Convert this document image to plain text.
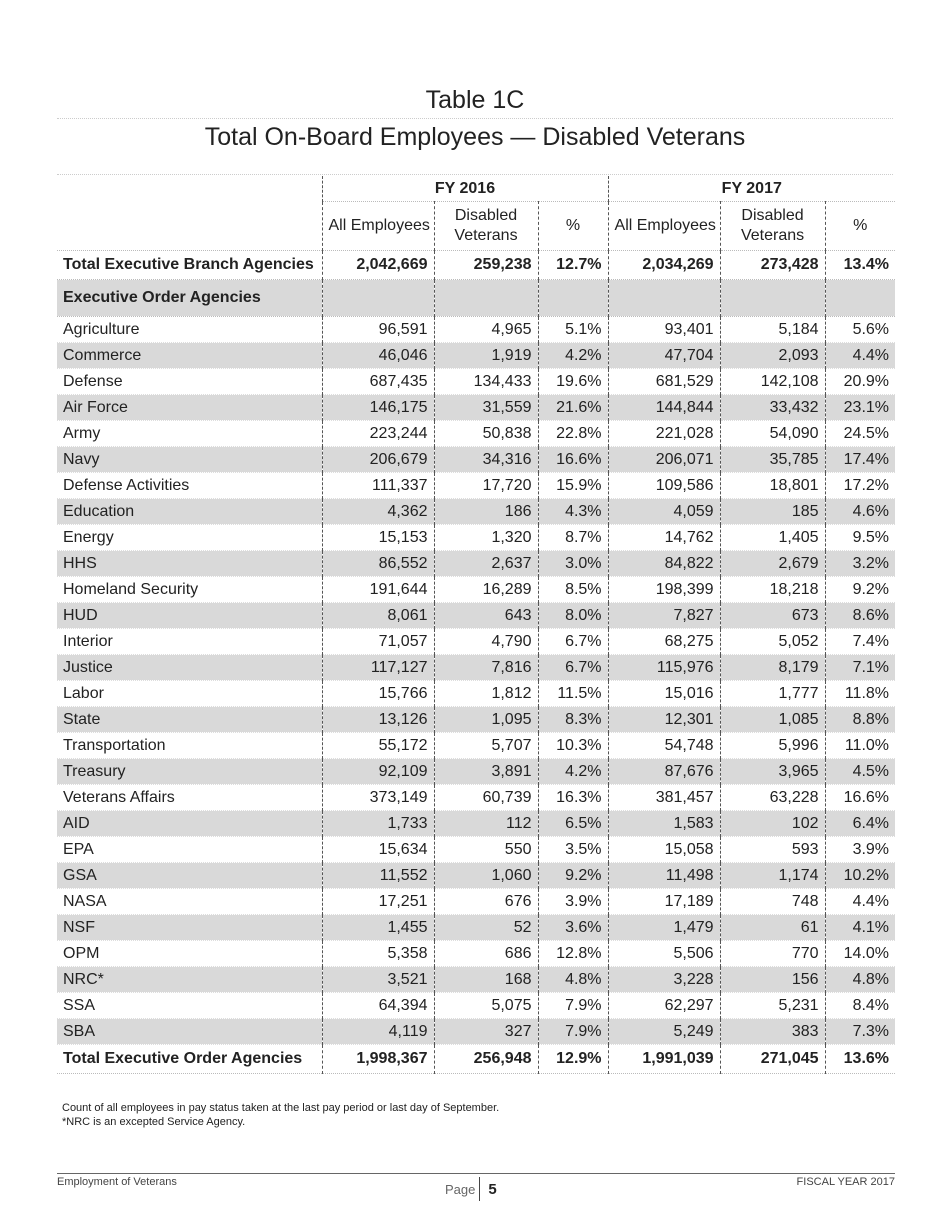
Table 1C
Total On-Board Employees — Disabled Veterans
	FY 2016			FY 2017		
	All Employees	Disabled Veterans	%	All Employees	Disabled Veterans	%
Total Executive Branch Agencies	2,042,669	259,238	12.7%	2,034,269	273,428	13.4%
Executive Order Agencies						
Agriculture	96,591	4,965	5.1%	93,401	5,184	5.6%
Commerce	46,046	1,919	4.2%	47,704	2,093	4.4%
Defense	687,435	134,433	19.6%	681,529	142,108	20.9%
Air Force	146,175	31,559	21.6%	144,844	33,432	23.1%
Army	223,244	50,838	22.8%	221,028	54,090	24.5%
Navy	206,679	34,316	16.6%	206,071	35,785	17.4%
Defense Activities	111,337	17,720	15.9%	109,586	18,801	17.2%
Education	4,362	186	4.3%	4,059	185	4.6%
Energy	15,153	1,320	8.7%	14,762	1,405	9.5%
HHS	86,552	2,637	3.0%	84,822	2,679	3.2%
Homeland Security	191,644	16,289	8.5%	198,399	18,218	9.2%
HUD	8,061	643	8.0%	7,827	673	8.6%
Interior	71,057	4,790	6.7%	68,275	5,052	7.4%
Justice	117,127	7,816	6.7%	115,976	8,179	7.1%
Labor	15,766	1,812	11.5%	15,016	1,777	11.8%
State	13,126	1,095	8.3%	12,301	1,085	8.8%
Transportation	55,172	5,707	10.3%	54,748	5,996	11.0%
Treasury	92,109	3,891	4.2%	87,676	3,965	4.5%
Veterans Affairs	373,149	60,739	16.3%	381,457	63,228	16.6%
AID	1,733	112	6.5%	1,583	102	6.4%
EPA	15,634	550	3.5%	15,058	593	3.9%
GSA	11,552	1,060	9.2%	11,498	1,174	10.2%
NASA	17,251	676	3.9%	17,189	748	4.4%
NSF	1,455	52	3.6%	1,479	61	4.1%
OPM	5,358	686	12.8%	5,506	770	14.0%
NRC*	3,521	168	4.8%	3,228	156	4.8%
SSA	64,394	5,075	7.9%	62,297	5,231	8.4%
SBA	4,119	327	7.9%	5,249	383	7.3%
Total Executive Order Agencies	1,998,367	256,948	12.9%	1,991,039	271,045	13.6%
Count of all employees in pay status taken at the last pay period or last day of September.
*NRC is an excepted Service Agency.
Employment of Veterans	Page 5	FISCAL YEAR 2017
